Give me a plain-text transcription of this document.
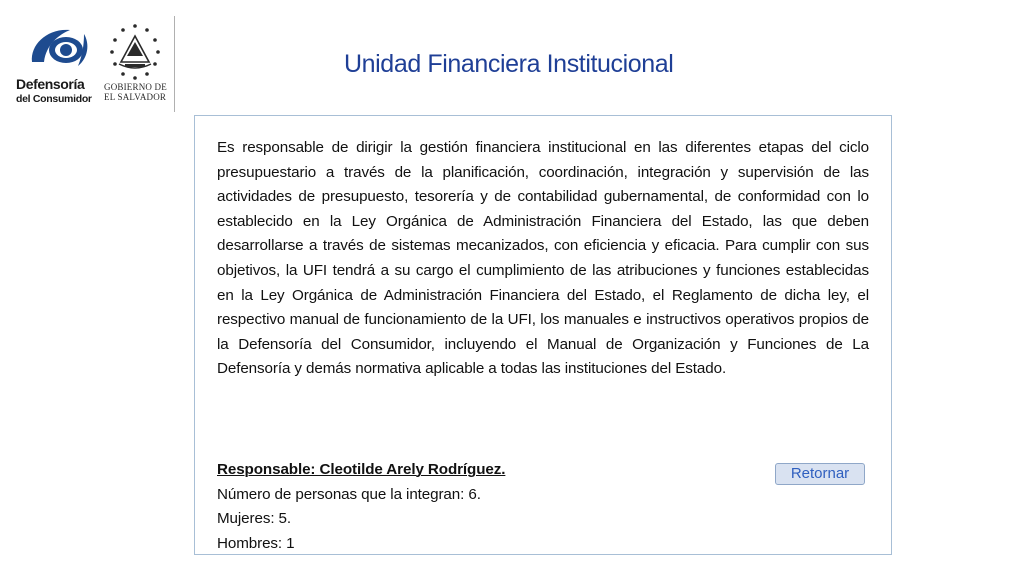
Defensoría
del Consumidor
GOBIERNO DE
EL SALVADOR
Unidad Financiera Institucional

Es responsable de dirigir la gestión financiera institucional en las diferentes etapas del ciclo presupuestario a través de la planificación, coordinación, integración y supervisión de las actividades de presupuesto, tesorería y de contabilidad gubernamental, de conformidad con lo establecido en la Ley Orgánica de Administración Financiera del Estado, las que deben desarrollarse a través de sistemas mecanizados, con eficiencia y eficacia. Para cumplir con sus objetivos, la UFI tendrá a su cargo el cumplimiento de las atribuciones y funciones establecidas en la Ley Orgánica de Administración Financiera del Estado, el Reglamento de dicha ley, el respectivo manual de funcionamiento de la UFI, los manuales e instructivos operativos propios de la Defensoría del Consumidor, incluyendo el Manual de Organización y Funciones de La Defensoría y demás normativa aplicable a todas las instituciones del Estado.

Responsable: Cleotilde Arely Rodríguez.
Número de personas que la integran: 6.
Mujeres: 5.
Hombres: 1
Retornar
